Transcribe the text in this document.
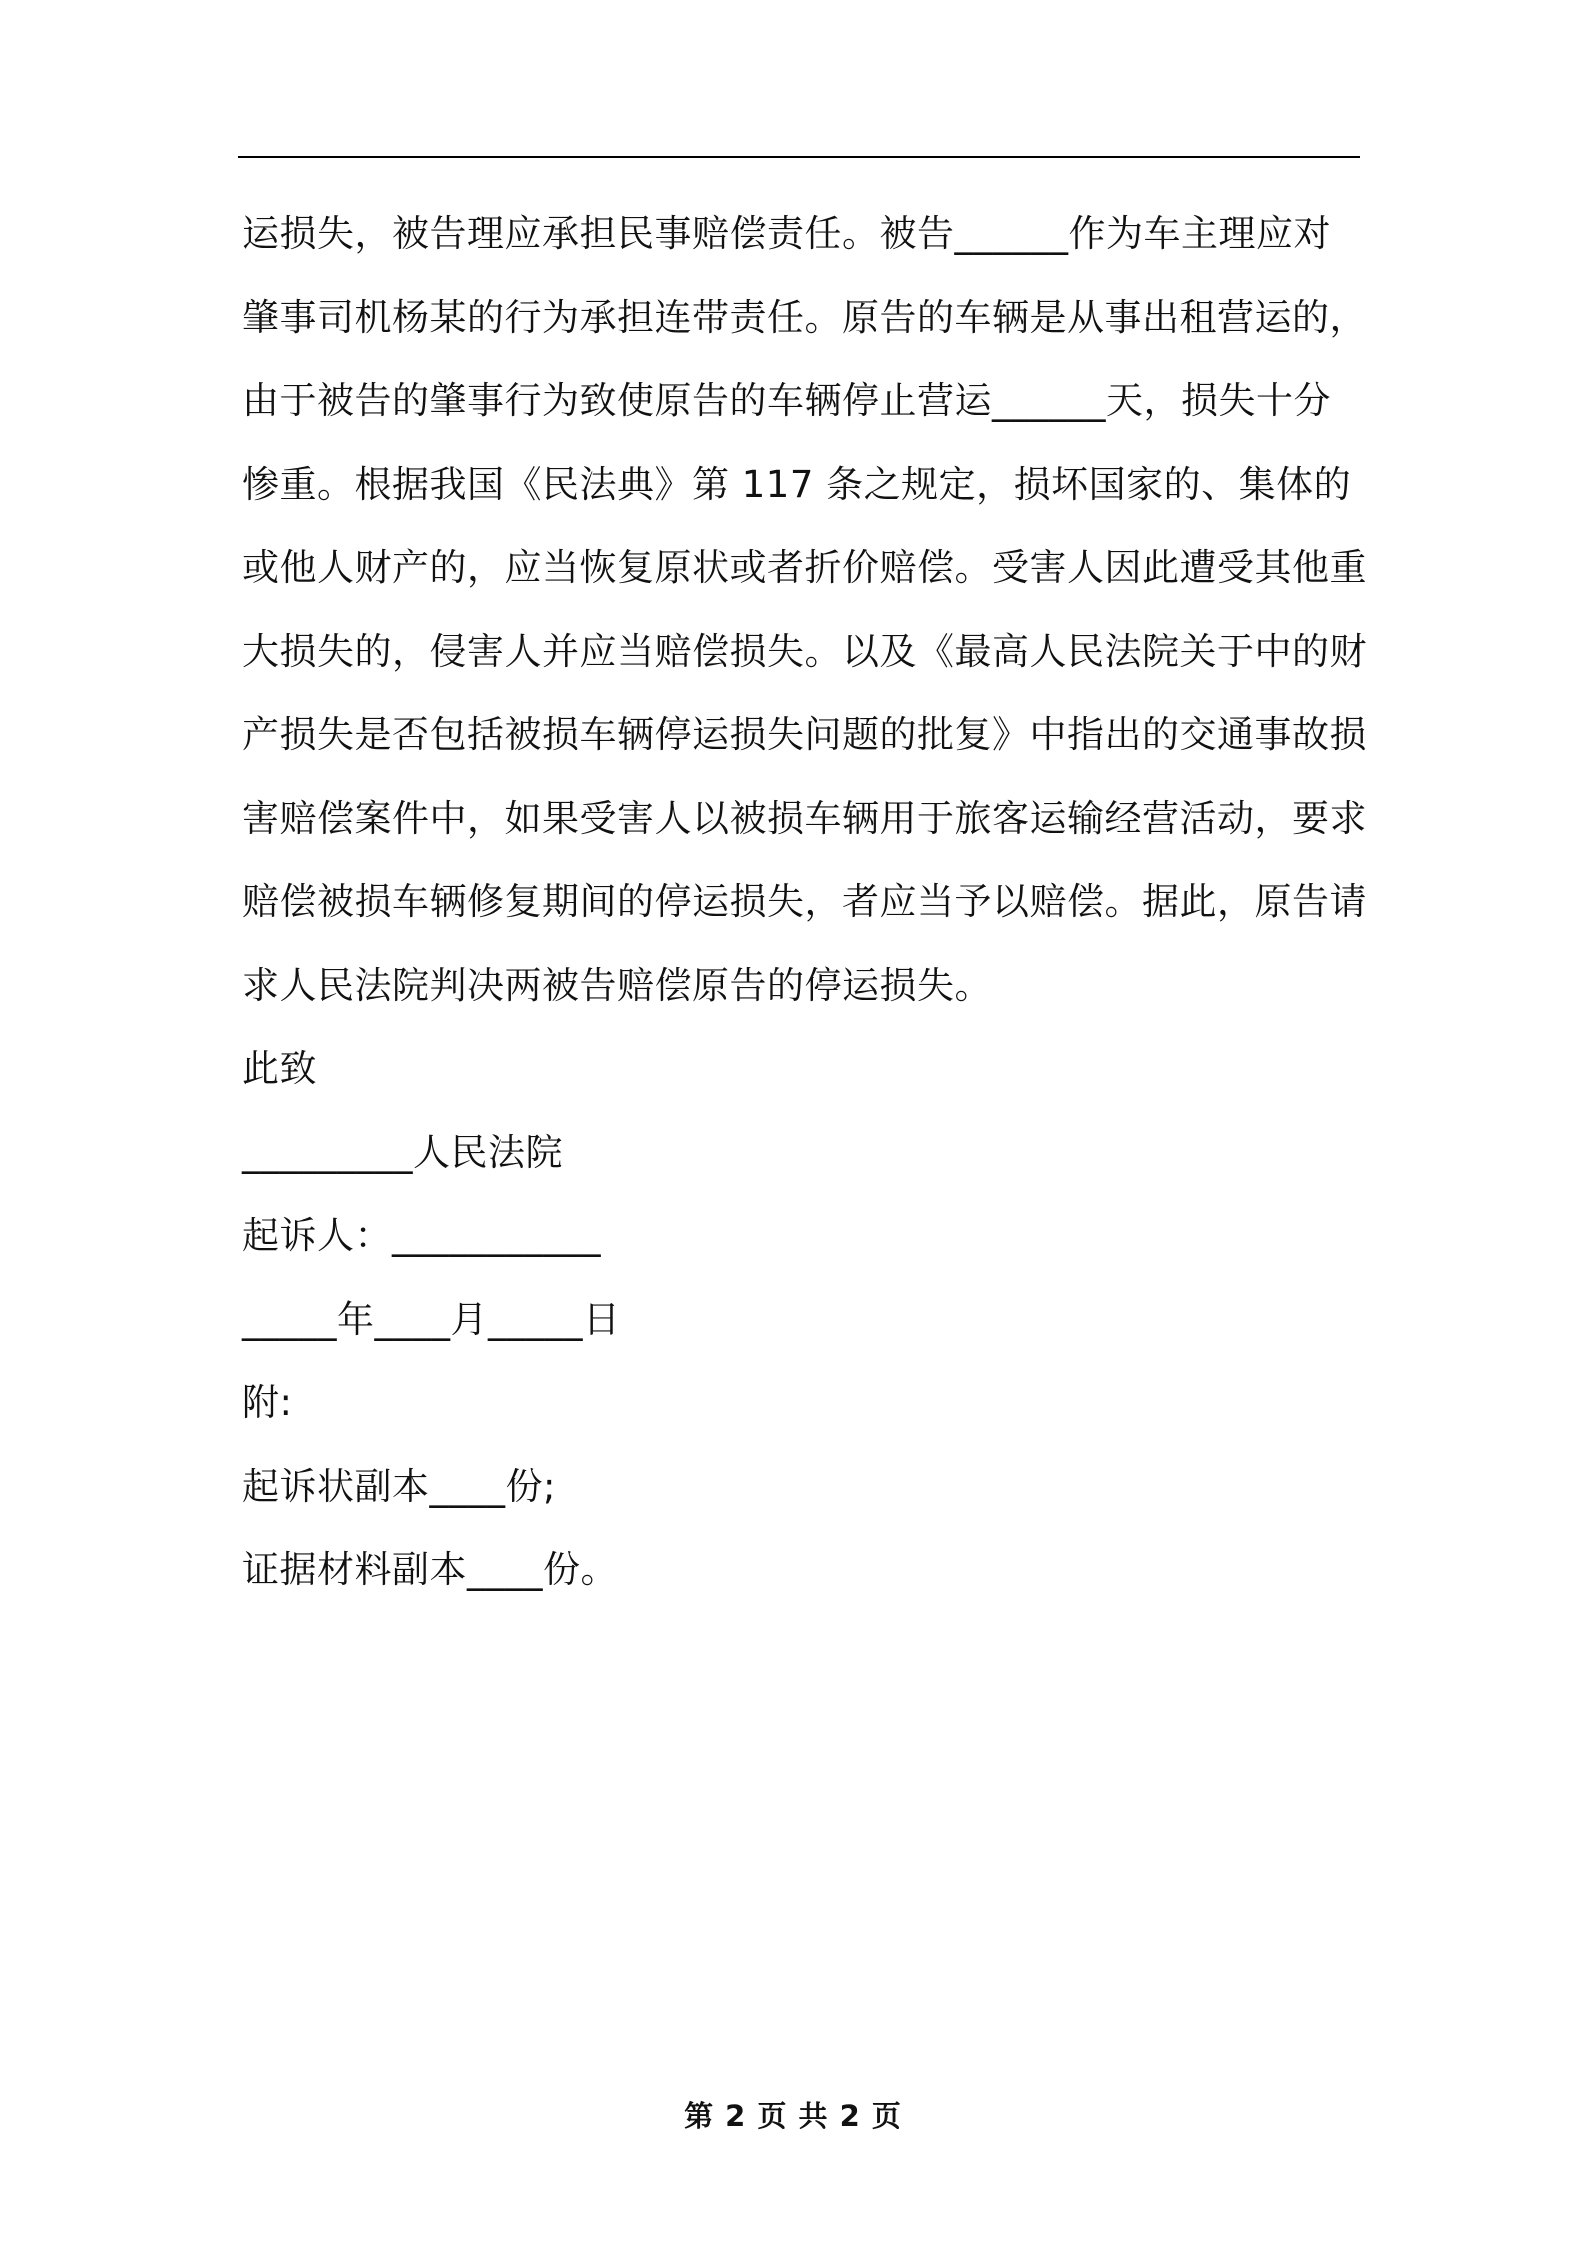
运损失，被告理应承担民事赔偿责任。被告______作为车主理应对
肇事司机杨某的行为承担连带责任。原告的车辆是从事出租营运的，
由于被告的肇事行为致使原告的车辆停止营运______天，损失十分
惨重。根据我国《民法典》第 117 条之规定，损坏国家的、集体的
或他人财产的，应当恢复原状或者折价赔偿。受害人因此遭受其他重
大损失的，侵害人并应当赔偿损失。以及《最高人民法院关于中的财
产损失是否包括被损车辆停运损失问题的批复》中指出的交通事故损
害赔偿案件中，如果受害人以被损车辆用于旅客运输经营活动，要求
赔偿被损车辆修复期间的停运损失，者应当予以赔偿。据此，原告请
求人民法院判决两被告赔偿原告的停运损失。
此致
_________人民法院
起诉人：___________
_____年____月_____日
附:
起诉状副本____份;
证据材料副本____份。
第 2 页 共 2 页
